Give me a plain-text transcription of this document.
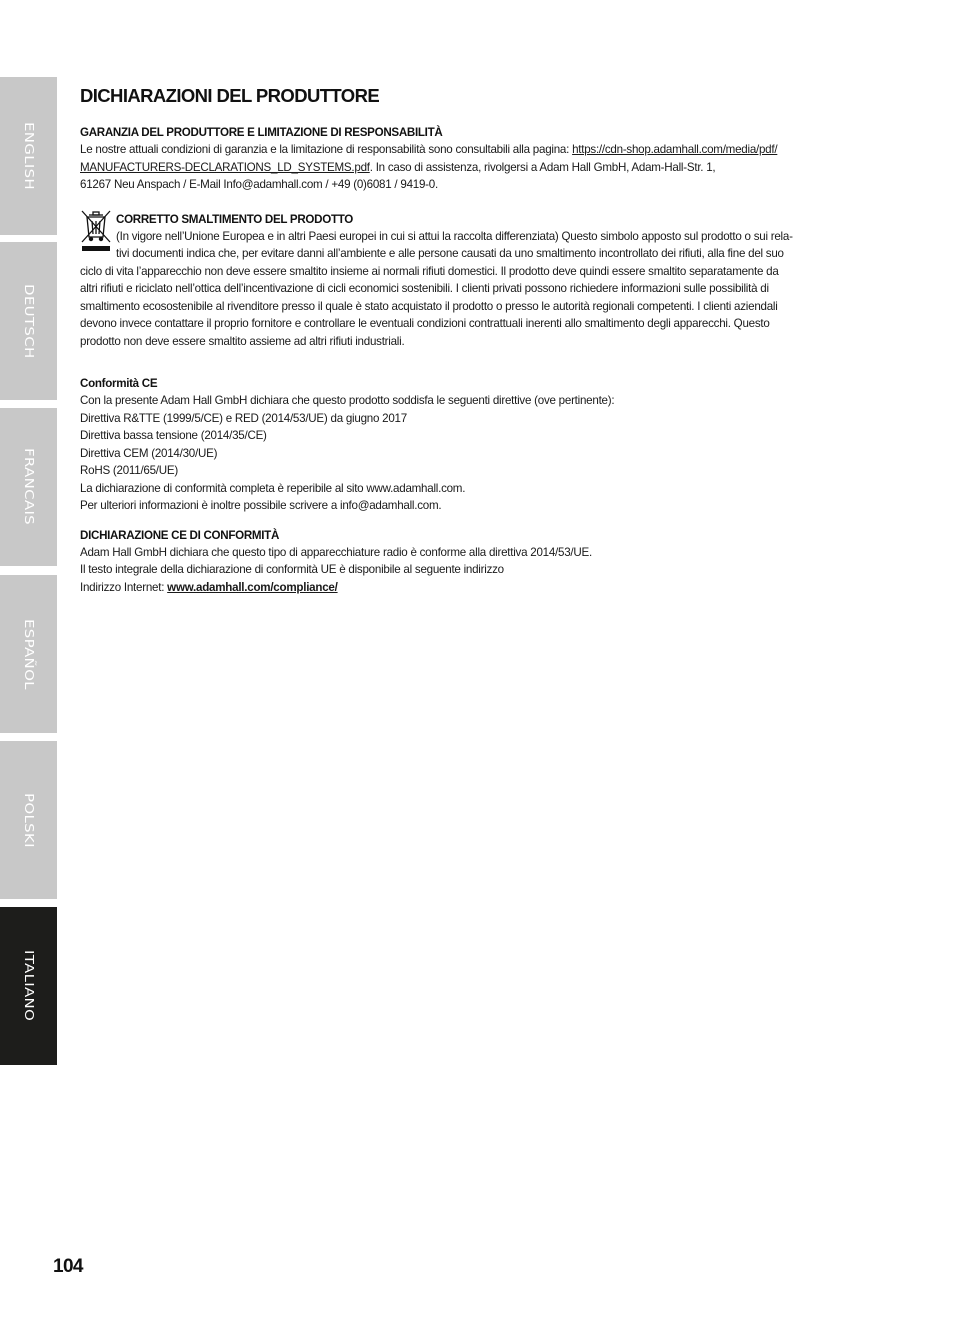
ENGLISH
DEUTSCH
FRANCAIS
ESPAÑOL
POLSKI
ITALIANO
DICHIARAZIONI DEL PRODUTTORE
GARANZIA DEL PRODUTTORE E LIMITAZIONE DI RESPONSABILITÀ

Le nostre attuali condizioni di garanzia e la limitazione di responsabilità sono consultabili alla pagina: https://cdn-shop.adamhall.com/media/pdf/
MANUFACTURERS-DECLARATIONS_LD_SYSTEMS.pdf. In caso di assistenza, rivolgersi a Adam Hall GmbH, Adam-Hall-Str. 1,
61267 Neu Anspach / E-Mail Info@adamhall.com / +49 (0)6081 / 9419-0.

CORRETTO SMALTIMENTO DEL PRODOTTO

(In vigore nell’Unione Europea e in altri Paesi europei in cui si attui la raccolta differenziata) Questo simbolo apposto sul prodotto o sui rela-
tivi documenti indica che, per evitare danni all’ambiente e alle persone causati da uno smaltimento incontrollato dei rifiuti, alla fine del suo
ciclo di vita l’apparecchio non deve essere smaltito insieme ai normali rifiuti domestici. Il prodotto deve quindi essere smaltito separatamente da
altri rifiuti e riciclato nell’ottica dell’incentivazione di cicli economici sostenibili. I clienti privati possono richiedere informazioni sulle possibilità di
smaltimento ecosostenibile al rivenditore presso il quale è stato acquistato il prodotto o presso le autorità regionali competenti. I clienti aziendali
devono invece contattare il proprio fornitore e controllare le eventuali condizioni contrattuali inerenti allo smaltimento degli apparecchi. Questo
prodotto non deve essere smaltito assieme ad altri rifiuti industriali.

Conformità CE

Con la presente Adam Hall GmbH dichiara che questo prodotto soddisfa le seguenti direttive (ove pertinente):
Direttiva R&TTE (1999/5/CE) e RED (2014/53/UE) da giugno 2017
Direttiva bassa tensione (2014/35/CE)
Direttiva CEM (2014/30/UE)
RoHS (2011/65/UE)
La dichiarazione di conformità completa è reperibile al sito www.adamhall.com.
Per ulteriori informazioni è inoltre possibile scrivere a info@adamhall.com.

DICHIARAZIONE CE DI CONFORMITÀ

Adam Hall GmbH dichiara che questo tipo di apparecchiature radio è conforme alla direttiva 2014/53/UE.
Il testo integrale della dichiarazione di conformità UE è disponibile al seguente indirizzo
Indirizzo Internet: www.adamhall.com/compliance/

104
